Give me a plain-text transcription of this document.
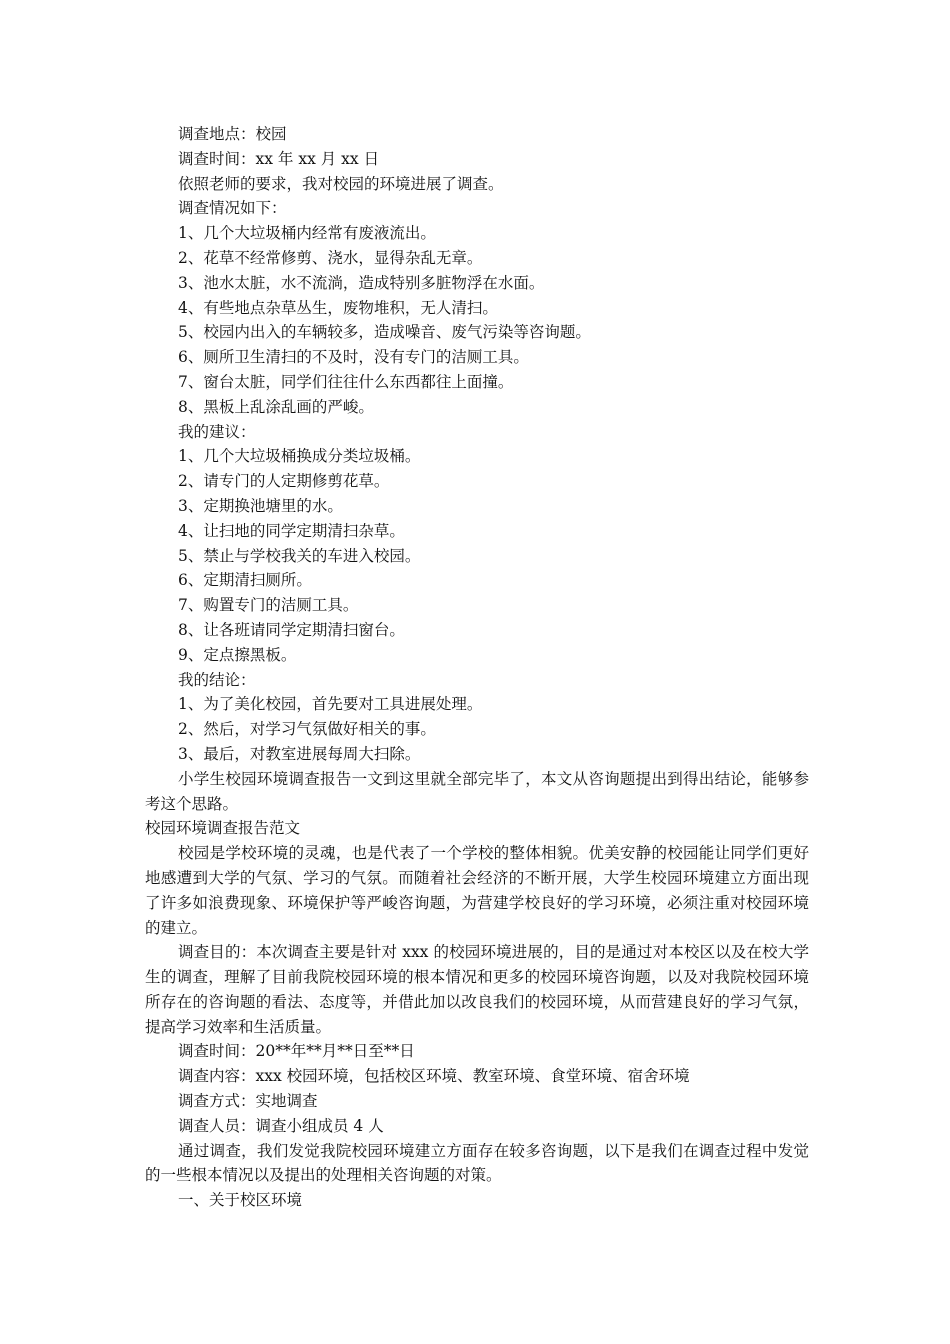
调查地点：校园
调查时间：xx 年 xx 月 xx 日
依照老师的要求，我对校园的环境进展了调查。
调查情况如下：
1、几个大垃圾桶内经常有废液流出。
2、花草不经常修剪、浇水，显得杂乱无章。
3、池水太脏，水不流淌，造成特别多脏物浮在水面。
4、有些地点杂草丛生，废物堆积，无人清扫。
5、校园内出入的车辆较多，造成噪音、废气污染等咨询题。
6、厕所卫生清扫的不及时，没有专门的洁厕工具。
7、窗台太脏，同学们往往什么东西都往上面撞。
8、黑板上乱涂乱画的严峻。
我的建议：
1、几个大垃圾桶换成分类垃圾桶。
2、请专门的人定期修剪花草。
3、定期换池塘里的水。
4、让扫地的同学定期清扫杂草。
5、禁止与学校我关的车进入校园。
6、定期清扫厕所。
7、购置专门的洁厕工具。
8、让各班请同学定期清扫窗台。
9、定点擦黑板。
我的结论：
1、为了美化校园，首先要对工具进展处理。
2、然后，对学习气氛做好相关的事。
3、最后，对教室进展每周大扫除。

小学生校园环境调查报告一文到这里就全部完毕了，本文从咨询题提出到得出结论，能够参考这个思路。

校园环境调查报告范文

校园是学校环境的灵魂，也是代表了一个学校的整体相貌。优美安静的校园能让同学们更好地感遭到大学的气氛、学习的气氛。而随着社会经济的不断开展，大学生校园环境建立方面出现了许多如浪费现象、环境保护等严峻咨询题，为营建学校良好的学习环境，必须注重对校园环境的建立。

调查目的：本次调查主要是针对 xxx 的校园环境进展的，目的是通过对本校区以及在校大学生的调查，理解了目前我院校园环境的根本情况和更多的校园环境咨询题，以及对我院校园环境所存在的咨询题的看法、态度等，并借此加以改良我们的校园环境，从而营建良好的学习气氛，提高学习效率和生活质量。

调查时间：20**年**月**日至**日
调查内容：xxx 校园环境，包括校区环境、教室环境、食堂环境、宿舍环境
调查方式：实地调查
调查人员：调查小组成员 4 人

通过调查，我们发觉我院校园环境建立方面存在较多咨询题，以下是我们在调查过程中发觉的一些根本情况以及提出的处理相关咨询题的对策。

一、关于校区环境
